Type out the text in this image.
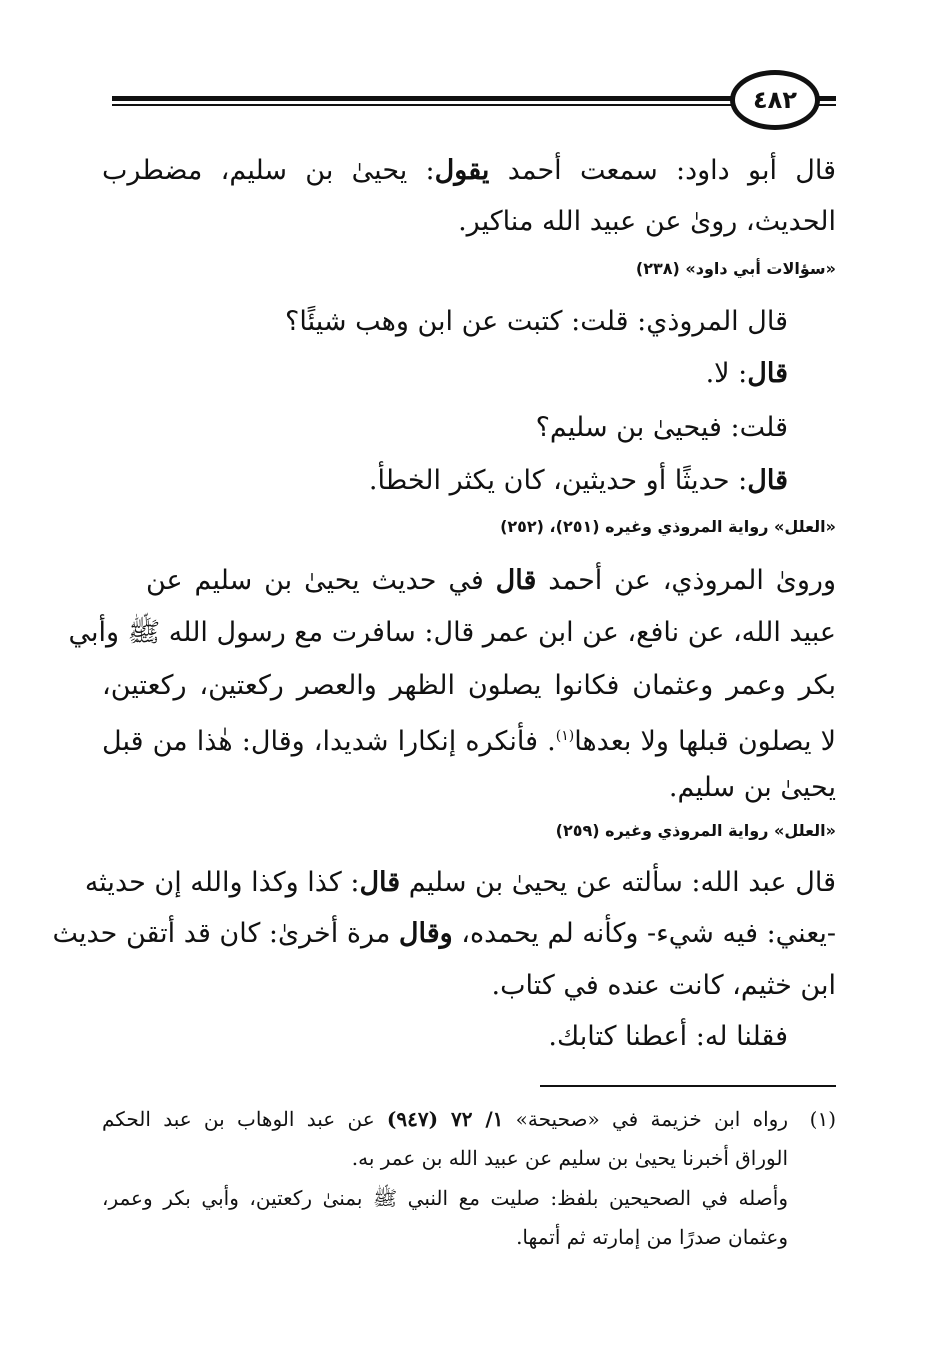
٤٨٢
قال أبو داود: سمعت أحمد يقول: يحيىٰ بن سليم، مضطرب
الحديث، رویٰ عن عبيد الله مناكير.
«سؤالات أبي داود» (٢٣٨)
قال المروذي: قلت: كتبت عن ابن وهب شيئًا؟
قال: لا.
قلت: فيحيىٰ بن سليم؟
قال: حديثًا أو حديثين، كان يكثر الخطأ.
«العلل» رواية المروذي وغيره (٢٥١)، (٢٥٢)
ورویٰ المروذي، عن أحمد قال في حديث يحيىٰ بن سليم عن
عبيد الله، عن نافع، عن ابن عمر قال: سافرت مع رسول الله ﷺ وأبي
بكر وعمر وعثمان فكانوا يصلون الظهر والعصر ركعتين، ركعتين،
لا يصلون قبلها ولا بعدها$^{(١)}$. فأنكره إنكارا شديدا، وقال: هٰذا من قبل
يحيىٰ بن سليم.
«العلل» رواية المروذي وغيره (٢٥٩)
قال عبد الله: سألته عن يحيىٰ بن سليم قال: كذا وكذا والله إن حديثه
-يعني: فيه شيء- وكأنه لم يحمده، وقال مرة أخرىٰ: كان قد أتقن حديث
ابن خثيم، كانت عنده في كتاب.
فقلنا له: أعطنا كتابك.
(١)
رواه ابن خزيمة في «صحيحة» ١/ ٧٢ (٩٤٧) عن عبد الوهاب بن عبد الحكم
الوراق أخبرنا يحيىٰ بن سليم عن عبيد الله بن عمر به.
وأصله في الصحيحين بلفظ: صليت مع النبي ﷺ بمنىٰ ركعتين، وأبي بكر وعمر،
وعثمان صدرًا من إمارته ثم أتمها.
